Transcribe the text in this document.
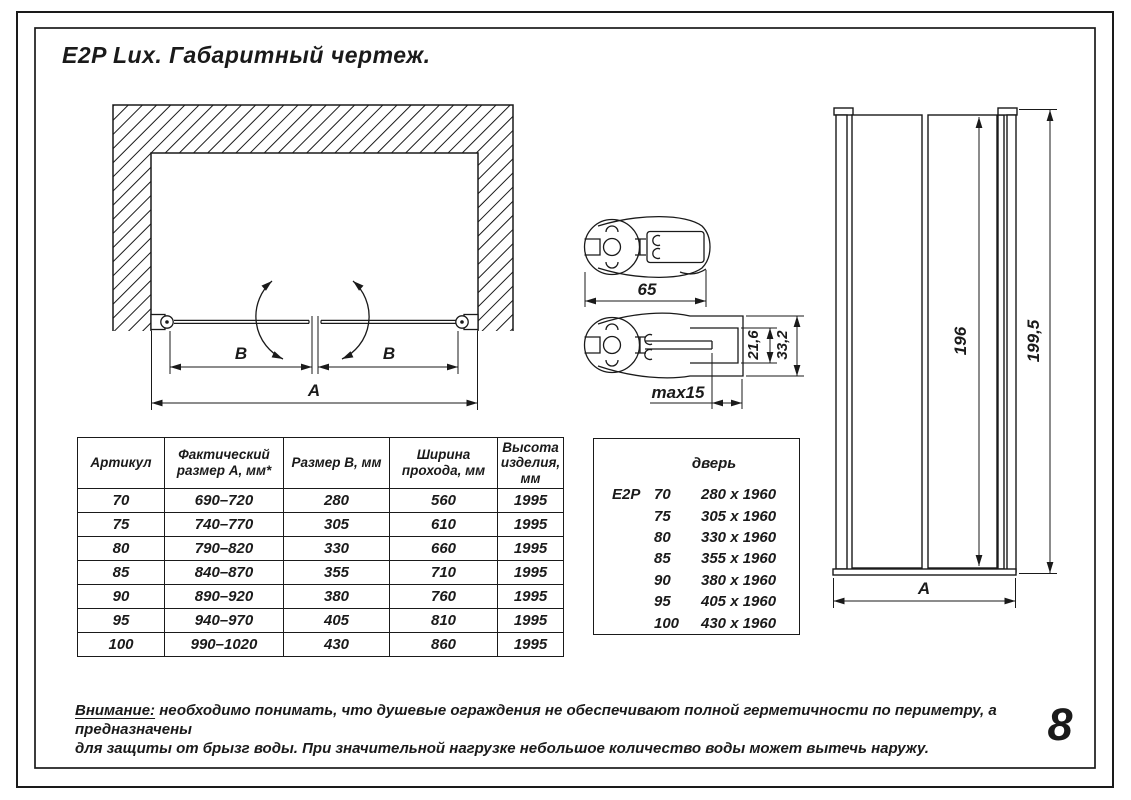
B	B
A
65
21,6 33,2
max15
196	199,5
A
E2P Lux. Габаритный чертеж.
Артикул	Фактический размер А, мм*	Размер В, мм	Ширина прохода, мм	Высота изделия, мм
70	690–720	280	560	1995
75	740–770	305	610	1995
80	790–820	330	660	1995
85	840–870	355	710	1995
90	890–920	380	760	1995
95	940–970	405	810	1995
100	990–1020	430	860	1995
дверь
E2P 70	280 x 1960
75	305 x 1960
80	330 x 1960
85	355 x 1960
90	380 x 1960
95	405 x 1960
100	430 x 1960
Внимание: необходимо понимать, что душевые ограждения не обеспечивают полной герметичности по периметру, а предназначены
для защиты от брызг воды. При значительной нагрузке небольшое количество воды может вытечь наружу.	8
